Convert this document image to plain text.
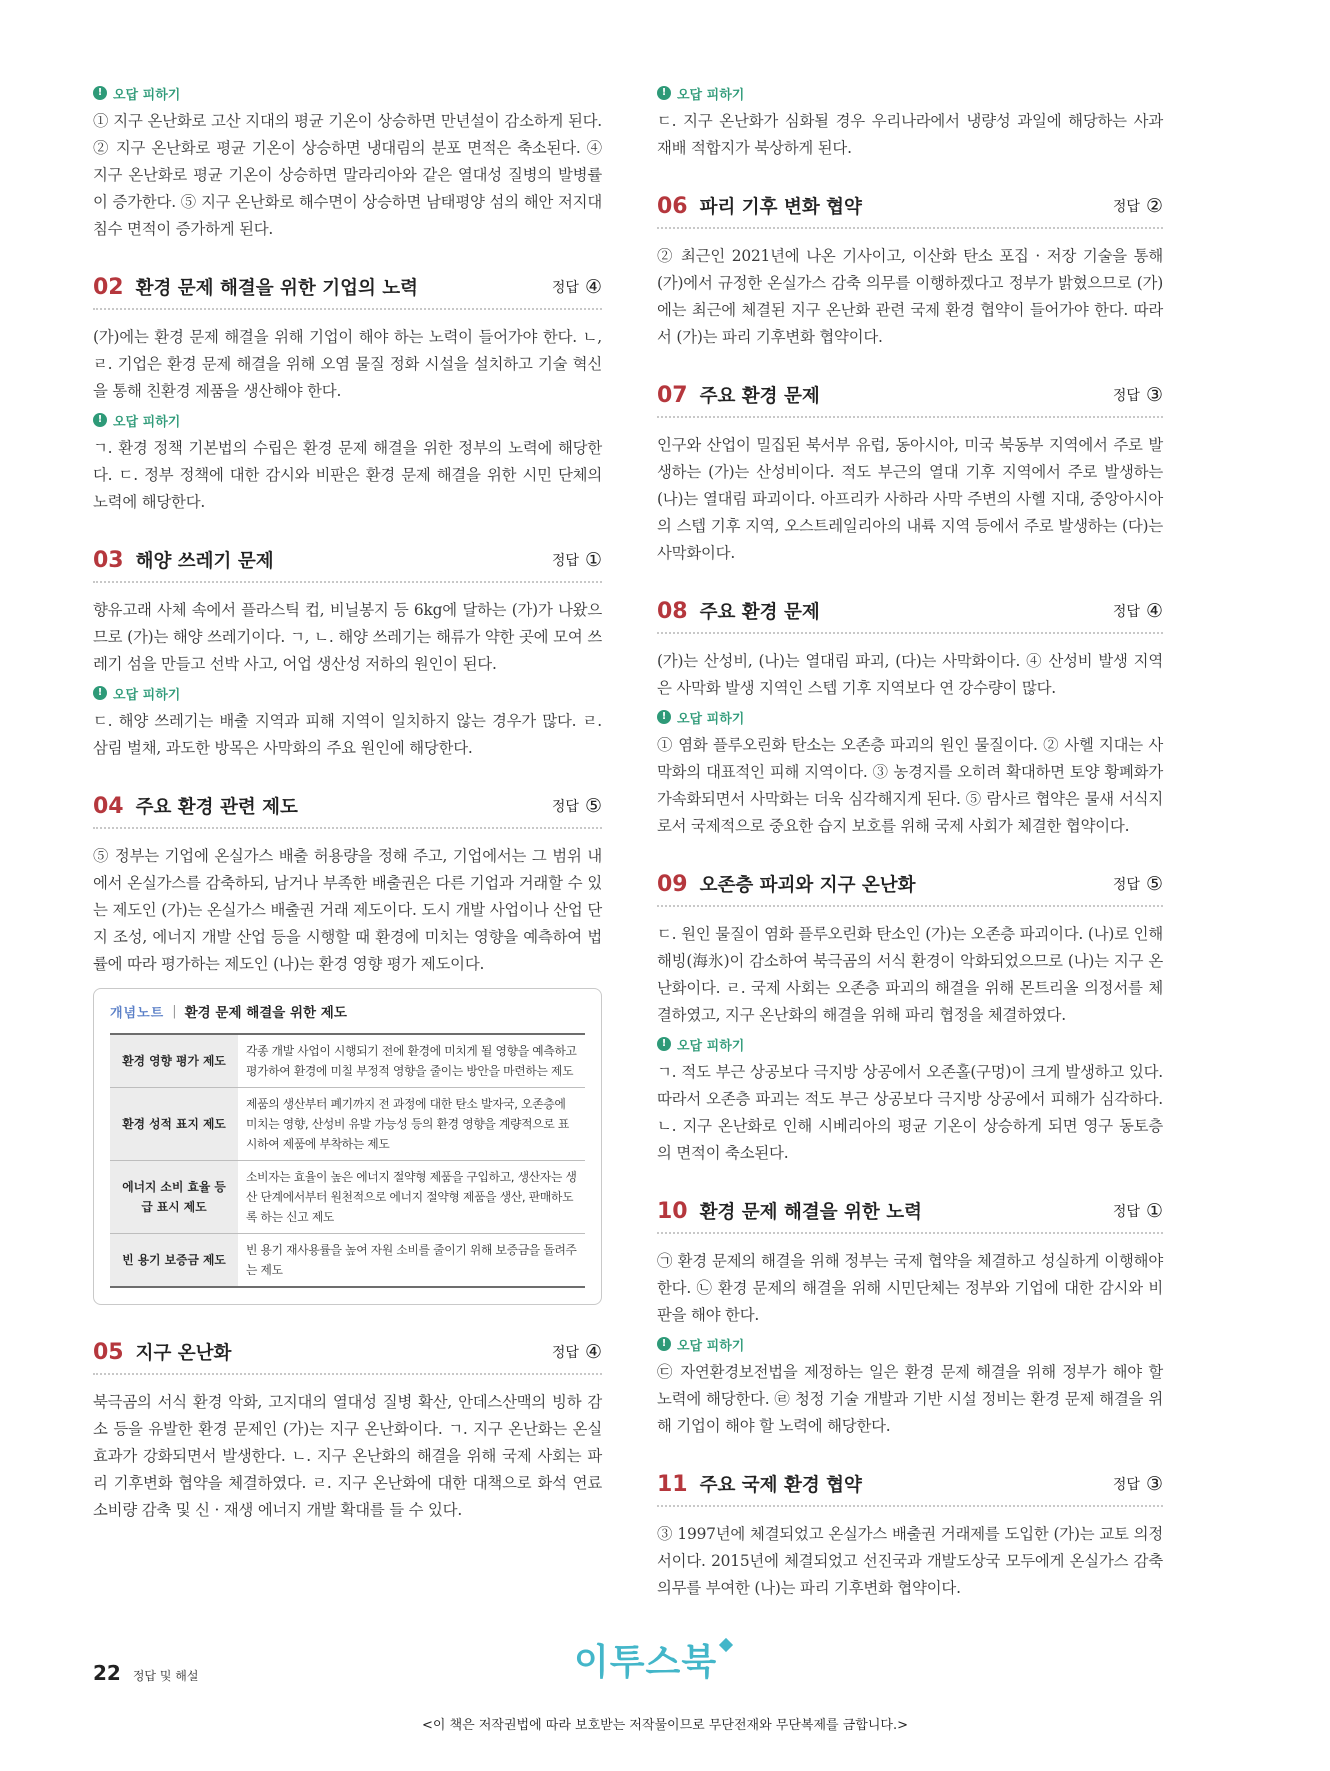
! 오답 피하기

① 지구 온난화로 고산 지대의 평균 기온이 상승하면 만년설이 감소하게 된다. ② 지구 온난화로 평균 기온이 상승하면 냉대림의 분포 면적은 축소된다. ④ 지구 온난화로 평균 기온이 상승하면 말라리아와 같은 열대성 질병의 발병률이 증가한다. ⑤ 지구 온난화로 해수면이 상승하면 남태평양 섬의 해안 저지대 침수 면적이 증가하게 된다.

02 환경 문제 해결을 위한 기업의 노력	정답 ④

(가)에는 환경 문제 해결을 위해 기업이 해야 하는 노력이 들어가야 한다. ㄴ, ㄹ. 기업은 환경 문제 해결을 위해 오염 물질 정화 시설을 설치하고 기술 혁신을 통해 친환경 제품을 생산해야 한다.

! 오답 피하기

ㄱ. 환경 정책 기본법의 수립은 환경 문제 해결을 위한 정부의 노력에 해당한다. ㄷ. 정부 정책에 대한 감시와 비판은 환경 문제 해결을 위한 시민 단체의 노력에 해당한다.

03 해양 쓰레기 문제	정답 ①

향유고래 사체 속에서 플라스틱 컵, 비닐봉지 등 6kg에 달하는 (가)가 나왔으므로 (가)는 해양 쓰레기이다. ㄱ, ㄴ. 해양 쓰레기는 해류가 약한 곳에 모여 쓰레기 섬을 만들고 선박 사고, 어업 생산성 저하의 원인이 된다.

! 오답 피하기

ㄷ. 해양 쓰레기는 배출 지역과 피해 지역이 일치하지 않는 경우가 많다. ㄹ. 삼림 벌채, 과도한 방목은 사막화의 주요 원인에 해당한다.

04 주요 환경 관련 제도	정답 ⑤

⑤ 정부는 기업에 온실가스 배출 허용량을 정해 주고, 기업에서는 그 범위 내에서 온실가스를 감축하되, 남거나 부족한 배출권은 다른 기업과 거래할 수 있는 제도인 (가)는 온실가스 배출권 거래 제도이다. 도시 개발 사업이나 산업 단지 조성, 에너지 개발 산업 등을 시행할 때 환경에 미치는 영향을 예측하여 법률에 따라 평가하는 제도인 (나)는 환경 영향 평가 제도이다.

개념노트 | 환경 문제 해결을 위한 제도
환경 영향 평가 제도	각종 개발 사업이 시행되기 전에 환경에 미치게 될 영향을 예측하고 평가하여 환경에 미칠 부정적 영향을 줄이는 방안을 마련하는 제도
환경 성적 표지 제도	제품의 생산부터 폐기까지 전 과정에 대한 탄소 발자국, 오존층에 미치는 영향, 산성비 유발 가능성 등의 환경 영향을 계량적으로 표시하여 제품에 부착하는 제도
에너지 소비 효율 등급 표시 제도	소비자는 효율이 높은 에너지 절약형 제품을 구입하고, 생산자는 생산 단계에서부터 원천적으로 에너지 절약형 제품을 생산, 판매하도록 하는 신고 제도
빈 용기 보증금 제도	빈 용기 재사용률을 높여 자원 소비를 줄이기 위해 보증금을 돌려주는 제도
05 지구 온난화	정답 ④

북극곰의 서식 환경 악화, 고지대의 열대성 질병 확산, 안데스산맥의 빙하 감소 등을 유발한 환경 문제인 (가)는 지구 온난화이다. ㄱ. 지구 온난화는 온실 효과가 강화되면서 발생한다. ㄴ. 지구 온난화의 해결을 위해 국제 사회는 파리 기후변화 협약을 체결하였다. ㄹ. 지구 온난화에 대한 대책으로 화석 연료 소비량 감축 및 신 · 재생 에너지 개발 확대를 들 수 있다.

! 오답 피하기

ㄷ. 지구 온난화가 심화될 경우 우리나라에서 냉량성 과일에 해당하는 사과 재배 적합지가 북상하게 된다.

06 파리 기후 변화 협약	정답 ②

② 최근인 2021년에 나온 기사이고, 이산화 탄소 포집 · 저장 기술을 통해 (가)에서 규정한 온실가스 감축 의무를 이행하겠다고 정부가 밝혔으므로 (가)에는 최근에 체결된 지구 온난화 관련 국제 환경 협약이 들어가야 한다. 따라서 (가)는 파리 기후변화 협약이다.

07 주요 환경 문제	정답 ③

인구와 산업이 밀집된 북서부 유럽, 동아시아, 미국 북동부 지역에서 주로 발생하는 (가)는 산성비이다. 적도 부근의 열대 기후 지역에서 주로 발생하는 (나)는 열대림 파괴이다. 아프리카 사하라 사막 주변의 사헬 지대, 중앙아시아의 스텝 기후 지역, 오스트레일리아의 내륙 지역 등에서 주로 발생하는 (다)는 사막화이다.

08 주요 환경 문제	정답 ④

(가)는 산성비, (나)는 열대림 파괴, (다)는 사막화이다. ④ 산성비 발생 지역은 사막화 발생 지역인 스텝 기후 지역보다 연 강수량이 많다.

! 오답 피하기

① 염화 플루오린화 탄소는 오존층 파괴의 원인 물질이다. ② 사헬 지대는 사막화의 대표적인 피해 지역이다. ③ 농경지를 오히려 확대하면 토양 황폐화가 가속화되면서 사막화는 더욱 심각해지게 된다. ⑤ 람사르 협약은 물새 서식지로서 국제적으로 중요한 습지 보호를 위해 국제 사회가 체결한 협약이다.

09 오존층 파괴와 지구 온난화	정답 ⑤

ㄷ. 원인 물질이 염화 플루오린화 탄소인 (가)는 오존층 파괴이다. (나)로 인해 해빙(海氷)이 감소하여 북극곰의 서식 환경이 악화되었으므로 (나)는 지구 온난화이다. ㄹ. 국제 사회는 오존층 파괴의 해결을 위해 몬트리올 의정서를 체결하였고, 지구 온난화의 해결을 위해 파리 협정을 체결하였다.

! 오답 피하기

ㄱ. 적도 부근 상공보다 극지방 상공에서 오존홀(구멍)이 크게 발생하고 있다. 따라서 오존층 파괴는 적도 부근 상공보다 극지방 상공에서 피해가 심각하다. ㄴ. 지구 온난화로 인해 시베리아의 평균 기온이 상승하게 되면 영구 동토층의 면적이 축소된다.

10 환경 문제 해결을 위한 노력	정답 ①

㉠ 환경 문제의 해결을 위해 정부는 국제 협약을 체결하고 성실하게 이행해야 한다. ㉡ 환경 문제의 해결을 위해 시민단체는 정부와 기업에 대한 감시와 비판을 해야 한다.

! 오답 피하기

㉢ 자연환경보전법을 제정하는 일은 환경 문제 해결을 위해 정부가 해야 할 노력에 해당한다. ㉣ 청정 기술 개발과 기반 시설 정비는 환경 문제 해결을 위해 기업이 해야 할 노력에 해당한다.

11 주요 국제 환경 협약	정답 ③

③ 1997년에 체결되었고 온실가스 배출권 거래제를 도입한 (가)는 교토 의정서이다. 2015년에 체결되었고 선진국과 개발도상국 모두에게 온실가스 감축 의무를 부여한 (나)는 파리 기후변화 협약이다.

22 정답 및 해설	이투스북
<이 책은 저작권법에 따라 보호받는 저작물이므로 무단전재와 무단복제를 금합니다.>
